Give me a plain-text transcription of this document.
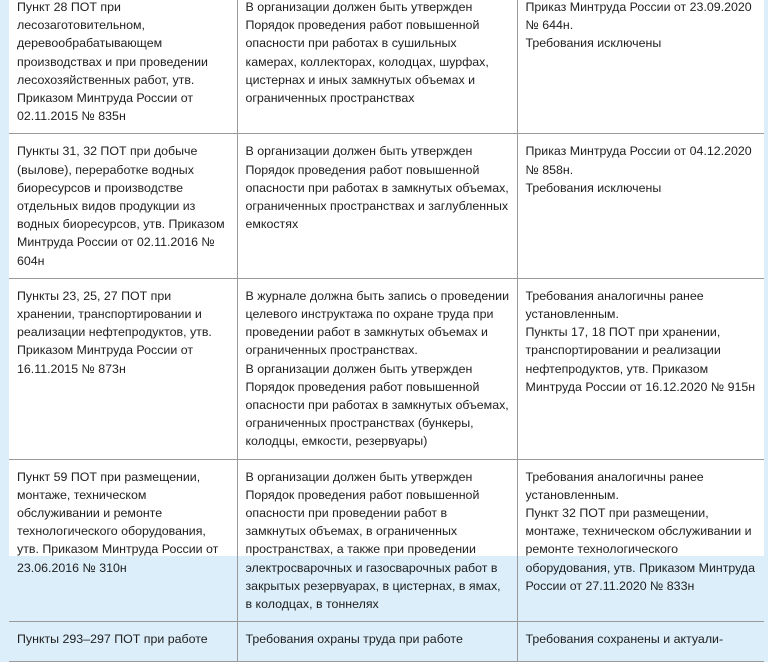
Пункт 28 ПОТ при лесозаготовительном, деревообрабатывающем производствах и при проведении лесохозяйственных работ, утв. Приказом Минтруда России от 02.11.2015 № 835н	В организации должен быть утвержден Порядок проведения работ повышенной опасности при работах в сушильных камерах, коллекторах, колодцах, шурфах, цистернах и иных замкнутых объемах и ограниченных пространствах	Приказ Минтруда России от 23.09.2020 № 644н.
Требования исключены

Пункты 31, 32 ПОТ при добыче (вылове), переработке водных биоресурсов и производстве отдельных видов продукции из водных биоресурсов, утв. Приказом Минтруда России от 02.11.2016 № 604н	В организации должен быть утвержден Порядок проведения работ повышенной опасности при работах в замкнутых объемах, ограниченных пространствах и заглубленных емкостях	Приказ Минтруда России от 04.12.2020 № 858н.
Требования исключены

Пункты 23, 25, 27 ПОТ при хранении, транспортировании и реализации нефтепродуктов, утв. Приказом Минтруда России от 16.11.2015 № 873н	В журнале должна быть запись о проведении целевого инструктажа по охране труда при проведении работ в замкнутых объемах и ограниченных пространствах.
В организации должен быть утвержден Порядок проведения работ повышенной опасности при работах в замкнутых объемах, ограниченных пространствах (бункеры, колодцы, емкости, резервуары)	Требования аналогичны ранее установленным.
Пункты 17, 18 ПОТ при хранении, транспортировании и реализации нефтепродуктов, утв. Приказом Минтруда России от 16.12.2020 № 915н

Пункт 59 ПОТ при размещении, монтаже, техническом обслуживании и ремонте технологического оборудования, утв. Приказом Минтруда России от 23.06.2016 № 310н	В организации должен быть утвержден Порядок проведения работ повышенной опасности при проведении работ в замкнутых объемах, в ограниченных пространствах, а также при проведении электросварочных и газосварочных работ в закрытых резервуарах, в цистернах, в ямах, в колодцах, в тоннелях	Требования аналогичны ранее установленным.
Пункт 32 ПОТ при размещении, монтаже, техническом обслуживании и ремонте технологического оборудования, утв. Приказом Минтруда России от 27.11.2020 № 833н

Пункты 293–297 ПОТ при работе	Требования охраны труда при работе	Требования сохранены и актуали-
